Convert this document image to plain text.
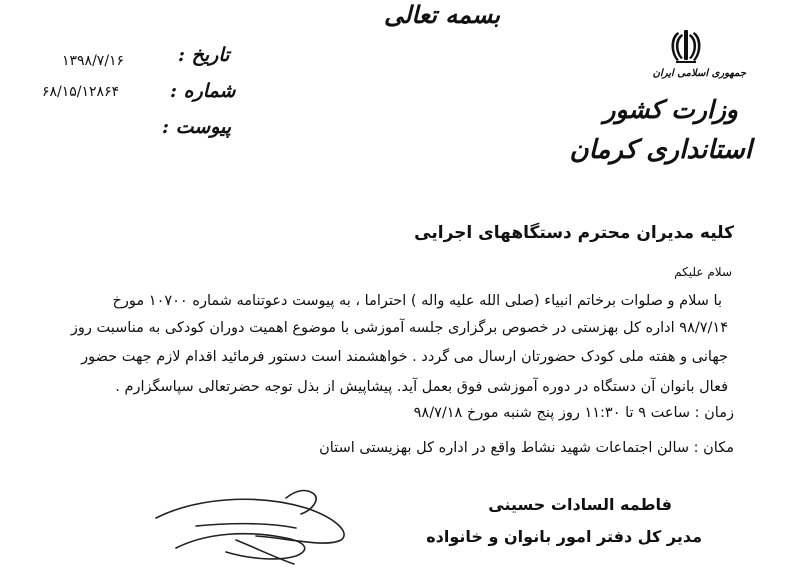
۱۳۹۸/۷/۱۶	تاریخ :
۶۸/۱۵/۱۲۸۶۴	شماره :
پیوست :
بسمه تعالی
جمهوری اسلامی ایران
وزارت کشور
استانداری کرمان
کلیه مدیران محترم دستگاههای اجرایی
سلام علیکم
با سلام و صلوات برخاتم انبیاء (صلی الله علیه واله ) احتراما ، به پیوست دعوتنامه شماره ۱۰۷۰۰ مورخ
۹۸/۷/۱۴ اداره کل بهزستی در خصوص برگزاری جلسه آموزشی با موضوع اهمیت دوران کودکی به مناسبت روز
جهانی و هفته ملی کودک حضورتان ارسال می گردد . خواهشمند است دستور فرمائید اقدام لازم جهت حضور
فعال بانوان آن دستگاه در دوره آموزشی فوق بعمل آید. پیشاپیش از بذل توجه حضرتعالی سپاسگزارم .
زمان : ساعت ۹ تا ۱۱:۳۰ روز پنج شنبه مورخ ۹۸/۷/۱۸
مکان : سالن اجتماعات شهید نشاط واقع در اداره کل بهزیستی استان
فاطمه السادات حسینی
مدیر کل دفتر امور بانوان و خانواده
